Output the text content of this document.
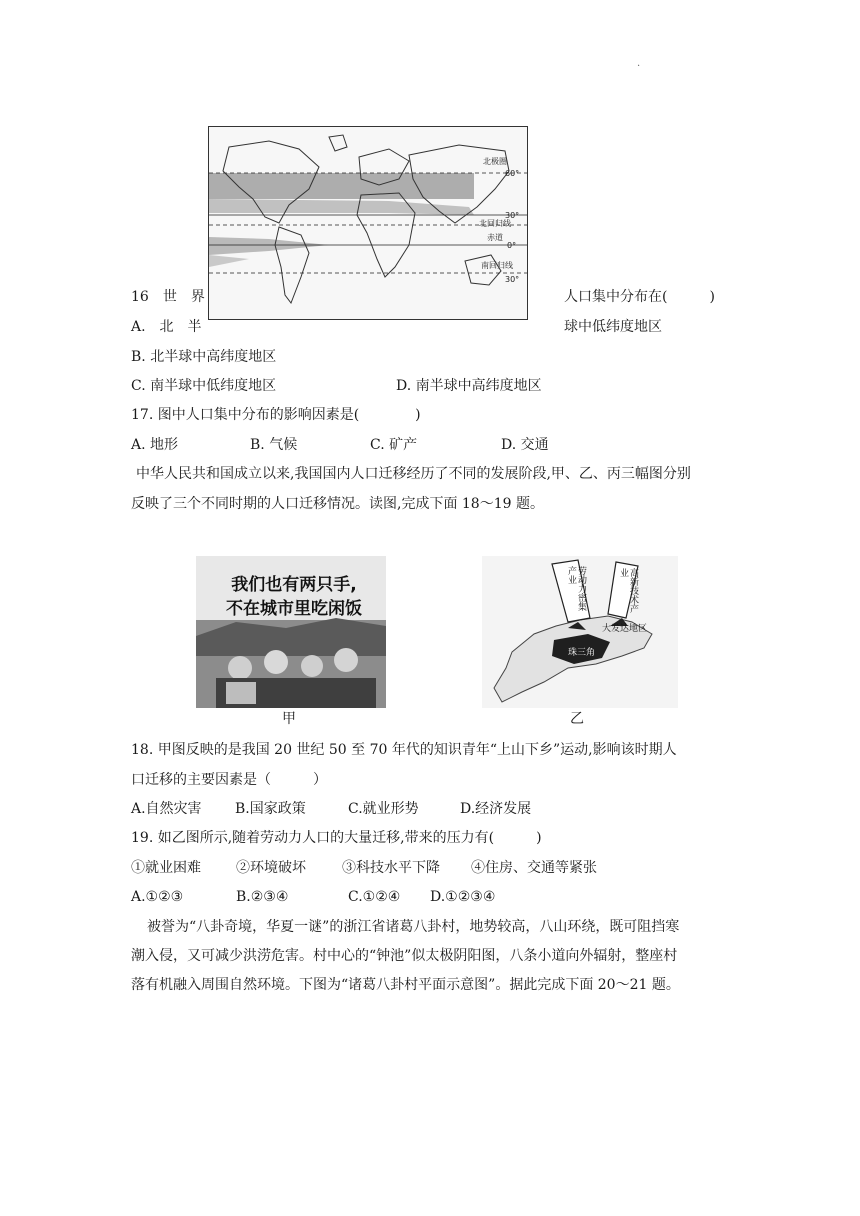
.
北极圈
60°
30°
北回归线
赤道
0°
南回归线
30°
16　世　界	人口集中分布在(　　　)
A.　北　半	球中低纬度地区
B. 北半球中高纬度地区
C. 南半球中低纬度地区	D. 南半球中高纬度地区
17. 图中人口集中分布的影响因素是(　　　　)
A. 地形	B. 气候	C. 矿产	D. 交通
中华人民共和国成立以来,我国国内人口迁移经历了不同的发展阶段,甲、乙、丙三幅图分别
反映了三个不同时期的人口迁移情况。读图,完成下面 18～19 题。
我们也有两只手,
不在城市里吃闲饭
甲
大发达地区
珠三角
劳动力密集产业	高新技术产业
乙
18. 甲图反映的是我国 20 世纪 50 至 70 年代的知识青年“上山下乡”运动,影响该时期人
口迁移的主要因素是（　　　）
A.自然灾害 B.国家政策	C.就业形势	D.经济发展
19. 如乙图所示,随着劳动力人口的大量迁移,带来的压力有(　　　)
①就业困难	②环境破坏	③科技水平下降 ④住房、交通等紧张
A.①②③	B.②③④	C.①②④ D.①②③④
被誉为“八卦奇境，华夏一谜”的浙江省诸葛八卦村，地势较高，八山环绕，既可阻挡寒
潮入侵，又可减少洪涝危害。村中心的“钟池”似太极阴阳图，八条小道向外辐射，整座村
落有机融入周围自然环境。下图为“诸葛八卦村平面示意图”。据此完成下面 20～21 题。
